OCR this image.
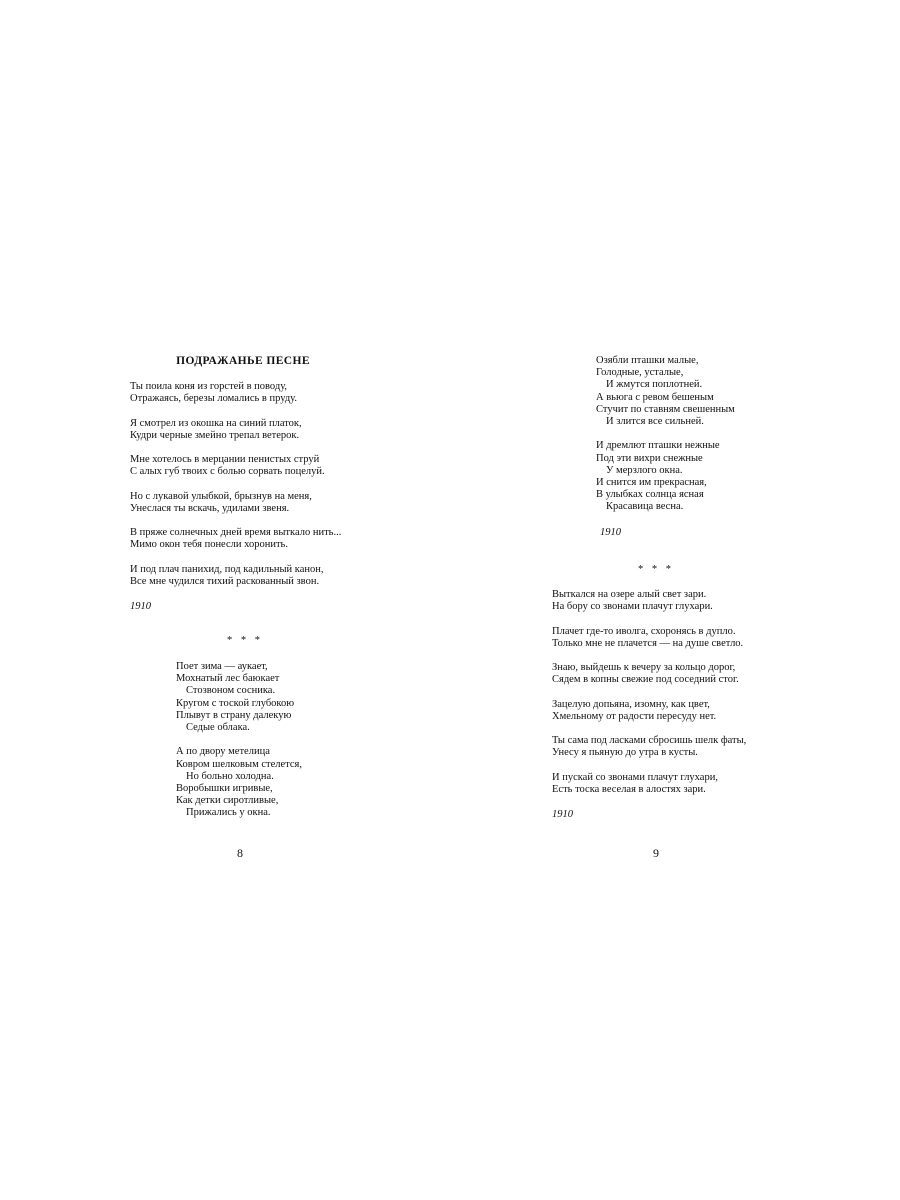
ПОДРАЖАНЬЕ ПЕСНЕ
Ты поила коня из горстей в поводу,
Отражаясь, березы ломались в пруду.
Я смотрел из окошка на синий платок,
Кудри черные змейно трепал ветерок.
Мне хотелось в мерцании пенистых струй
С алых губ твоих с болью сорвать поцелуй.
Но с лукавой улыбкой, брызнув на меня,
Унеслася ты вскачь, удилами звеня.
В пряже солнечных дней время выткало нить...
Мимо окон тебя понесли хоронить.
И под плач панихид, под кадильный канон,
Все мне чудился тихий раскованный звон.
1910
* * *
Поет зима — аукает,
Мохнатый лес баюкает
Стозвоном сосника.
Кругом с тоской глубокою
Плывут в страну далекую
Седые облака.
А по двору метелица
Ковром шелковым стелется,
Но больно холодна.
Воробышки игривые,
Как детки сиротливые,
Прижались у окна.
8
Озябли пташки малые,
Голодные, усталые,
И жмутся поплотней.
А вьюга с ревом бешеным
Стучит по ставням свешенным
И злится все сильней.
И дремлют пташки нежные
Под эти вихри снежные
У мерзлого окна.
И снится им прекрасная,
В улыбках солнца ясная
Красавица весна.
1910
* * *
Выткался на озере алый свет зари.
На бору со звонами плачут глухари.
Плачет где-то иволга, схоронясь в дупло.
Только мне не плачется — на душе светло.
Знаю, выйдешь к вечеру за кольцо дорог,
Сядем в копны свежие под соседний стог.
Зацелую допьяна, изомну, как цвет,
Хмельному от радости пересуду нет.
Ты сама под ласками сбросишь шелк фаты,
Унесу я пьяную до утра в кусты.
И пускай со звонами плачут глухари,
Есть тоска веселая в алостях зари.
1910
9
